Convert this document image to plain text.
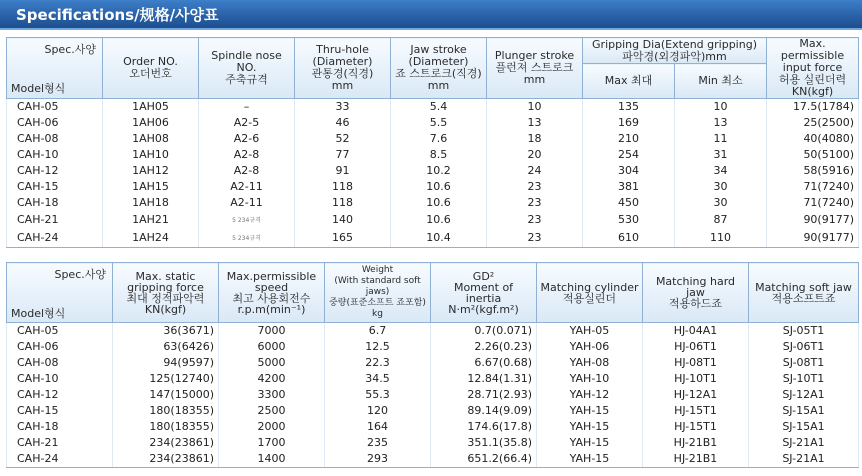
Specifications/规格/사양표
Spec.사양
Model형식	Order NO.
오더번호	Spindle nose
NO.
주축규격	Thru-hole
(Diameter)
관통경(직경)
mm	Jaw stroke
(Diameter)
죠 스트로크(직경)
mm	Plunger stroke
플런져 스트로크
mm	Gripping Dia(Extend gripping)
파악경(외경파악)mm		Max. permissible
input force
허용 실린더력
KN(kgf)
						Max 최대	Min 최소	
CAH-05	1AH05	–	33	5.4	10	135	10	17.5(1784)
CAH-06	1AH06	A2-5	46	5.5	13	169	13	25(2500)
CAH-08	1AH08	A2-6	52	7.6	18	210	11	40(4080)
CAH-10	1AH10	A2-8	77	8.5	20	254	31	50(5100)
CAH-12	1AH12	A2-8	91	10.2	24	304	34	58(5916)
CAH-15	1AH15	A2-11	118	10.6	23	381	30	71(7240)
CAH-18	1AH18	A2-11	118	10.6	23	450	30	71(7240)
CAH-21	1AH21	5 234규격	140	10.6	23	530	87	90(9177)
CAH-24	1AH24	5 234규격	165	10.4	23	610	110	90(9177)
Spec.사양
Model형식	Max. static
gripping force
최대 정적파악력
KN(kgf)	Max.permissible
speed
최고 사용회전수
r.p.m(min⁻¹)	Weight
(With standard soft jaws)
중량(표준소프트 죠포함)
kg	GD²
Moment of
inertia
N·m²(kgf.m²)	Matching cylinder
적용실린더	Matching hard jaw
적용하드죠	Matching soft jaw
적용소프트죠
CAH-05	36(3671)	7000	6.7	0.7(0.071)	YAH-05	HJ-04A1	SJ-05T1
CAH-06	63(6426)	6000	12.5	2.26(0.23)	YAH-06	HJ-06T1	SJ-06T1
CAH-08	94(9597)	5000	22.3	6.67(0.68)	YAH-08	HJ-08T1	SJ-08T1
CAH-10	125(12740)	4200	34.5	12.84(1.31)	YAH-10	HJ-10T1	SJ-10T1
CAH-12	147(15000)	3300	55.3	28.71(2.93)	YAH-12	HJ-12A1	SJ-12A1
CAH-15	180(18355)	2500	120	89.14(9.09)	YAH-15	HJ-15T1	SJ-15A1
CAH-18	180(18355)	2000	164	174.6(17.8)	YAH-15	HJ-15T1	SJ-15A1
CAH-21	234(23861)	1700	235	351.1(35.8)	YAH-15	HJ-21B1	SJ-21A1
CAH-24	234(23861)	1400	293	651.2(66.4)	YAH-15	HJ-21B1	SJ-21A1
